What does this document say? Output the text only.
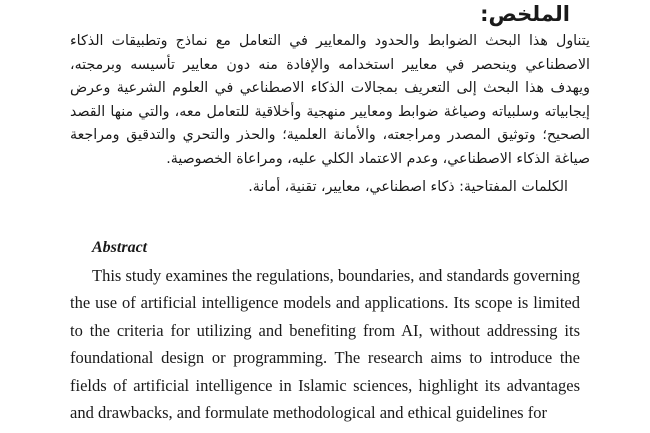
الملخص:

يتناول هذا البحث الضوابط والحدود والمعايير في التعامل مع نماذج وتطبيقات الذكاء الاصطناعي وينحصر في معايير استخدامه والإفادة منه دون معايير تأسيسه وبرمجته، ويهدف هذا البحث إلى التعريف بمجالات الذكاء الاصطناعي في العلوم الشرعية وعرض إيجابياته وسلبياته وصياغة ضوابط ومعايير منهجية وأخلاقية للتعامل معه، والتي منها القصد الصحيح؛ وتوثيق المصدر ومراجعته، والأمانة العلمية؛ والحذر والتحري والتدقيق ومراجعة صياغة الذكاء الاصطناعي، وعدم الاعتماد الكلي عليه، ومراعاة الخصوصية.

الكلمات المفتاحية: ذكاء اصطناعي، معايير، تقنية، أمانة.

Abstract

This study examines the regulations, boundaries, and standards governing the use of artificial intelligence models and applications. Its scope is limited to the criteria for utilizing and benefiting from AI, without addressing its foundational design or programming. The research aims to introduce the fields of artificial intelligence in Islamic sciences, highlight its advantages and drawbacks, and formulate methodological and ethical guidelines for
